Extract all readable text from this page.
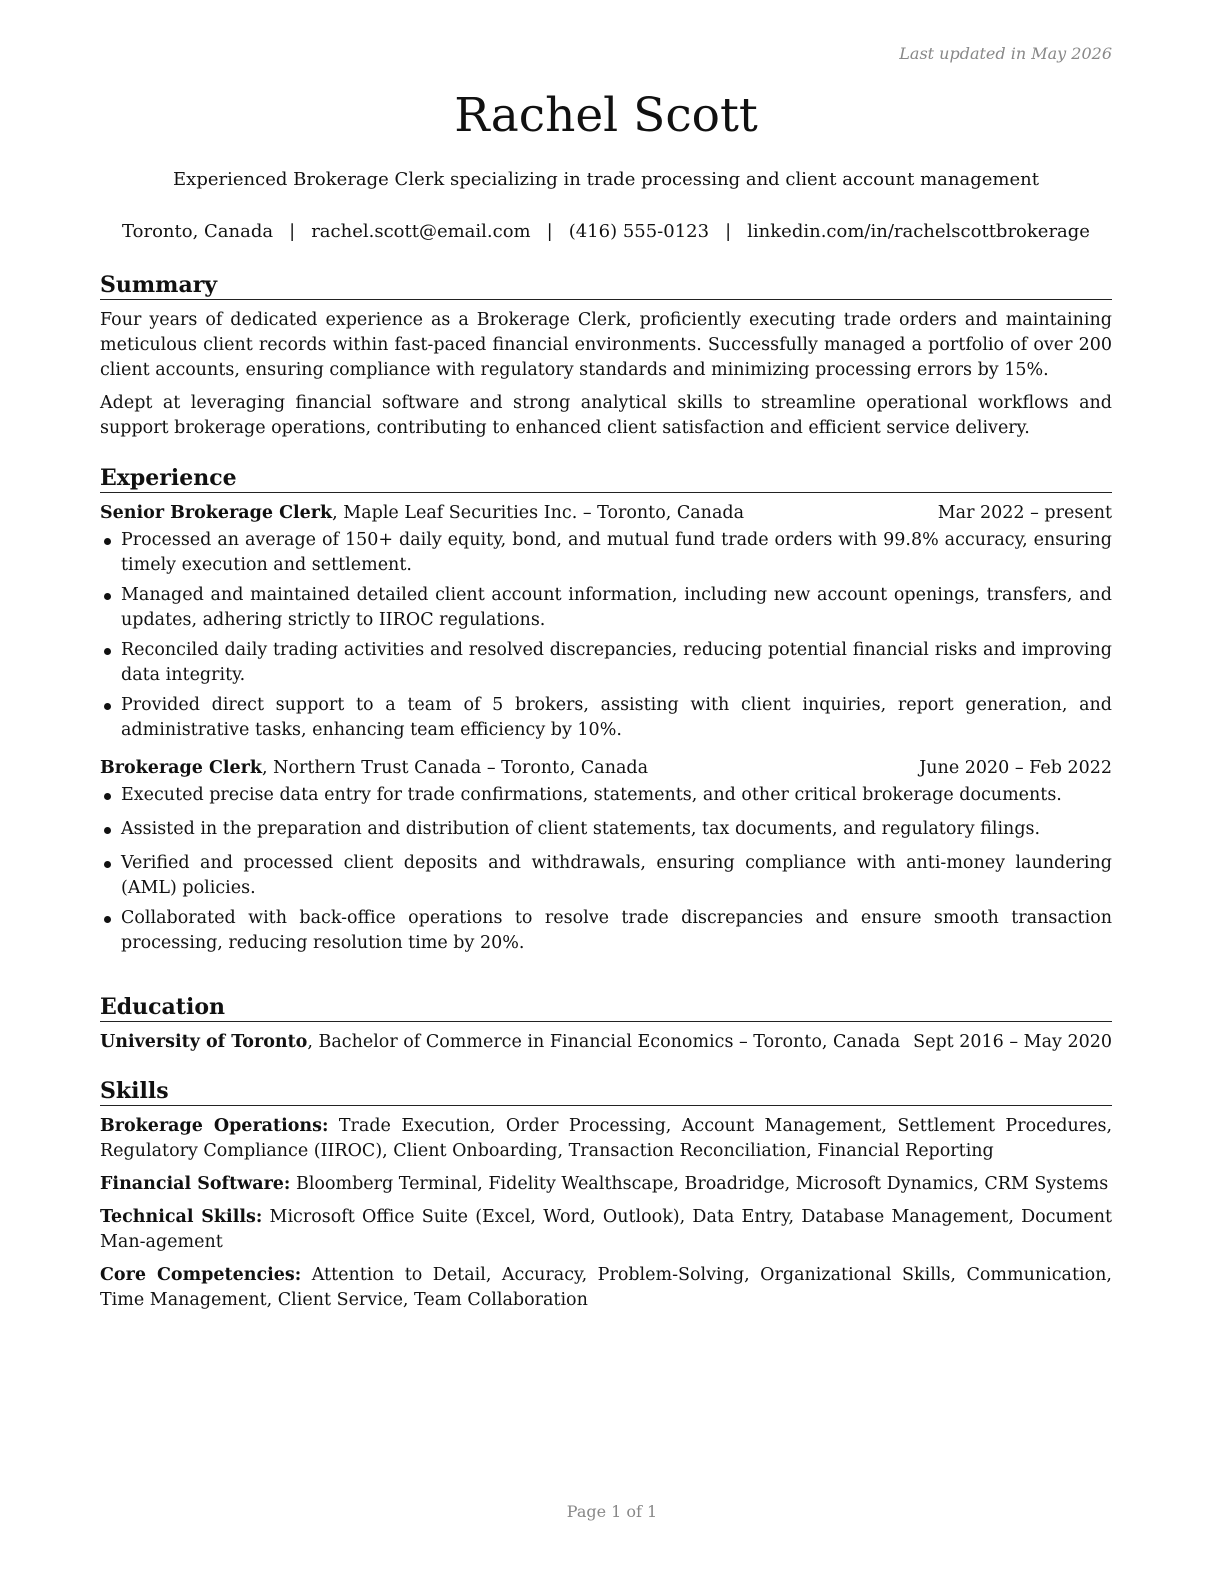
Last updated in May 2026
Rachel Scott
Experienced Brokerage Clerk specializing in trade processing and client account management
Toronto, Canada | rachel.scott@email.com | (416) 555-0123 | linkedin.com/in/rachelscottbrokerage
Summary

Four years of dedicated experience as a Brokerage Clerk, proficiently executing trade orders and maintaining meticulous client records within fast-paced financial environments. Successfully managed a portfolio of over 200 client accounts, ensuring compliance with regulatory standards and minimizing processing errors by 15%.

Adept at leveraging financial software and strong analytical skills to streamline operational workflows and support brokerage operations, contributing to enhanced client satisfaction and efficient service delivery.

Experience
Senior Brokerage Clerk, Maple Leaf Securities Inc. – Toronto, Canada	Mar 2022 – present
Processed an average of 150+ daily equity, bond, and mutual fund trade orders with 99.8% accuracy, ensuring timely execution and settlement.
Managed and maintained detailed client account information, including new account openings, transfers, and updates, adhering strictly to IIROC regulations.
Reconciled daily trading activities and resolved discrepancies, reducing potential financial risks and improving data integrity.
Provided direct support to a team of 5 brokers, assisting with client inquiries, report generation, and administrative tasks, enhancing team efficiency by 10%.
Brokerage Clerk, Northern Trust Canada – Toronto, Canada	June 2020 – Feb 2022
Executed precise data entry for trade confirmations, statements, and other critical brokerage documents.
Assisted in the preparation and distribution of client statements, tax documents, and regulatory filings.
Verified and processed client deposits and withdrawals, ensuring compliance with anti-money laundering (AML) policies.
Collaborated with back-office operations to resolve trade discrepancies and ensure smooth transaction processing, reducing resolution time by 20%.
Education
University of Toronto, Bachelor of Commerce in Financial Economics – Toronto, Canada Sept 2016 – May 2020
Skills
Brokerage Operations: Trade Execution, Order Processing, Account Management, Settlement Procedures, Regulatory Compliance (IIROC), Client Onboarding, Transaction Reconciliation, Financial Reporting
Financial Software: Bloomberg Terminal, Fidelity Wealthscape, Broadridge, Microsoft Dynamics, CRM Systems
Technical Skills: Microsoft Office Suite (Excel, Word, Outlook), Data Entry, Database Management, Document Man-agement
Core Competencies: Attention to Detail, Accuracy, Problem-Solving, Organizational Skills, Communication, Time Management, Client Service, Team Collaboration
Page 1 of 1
